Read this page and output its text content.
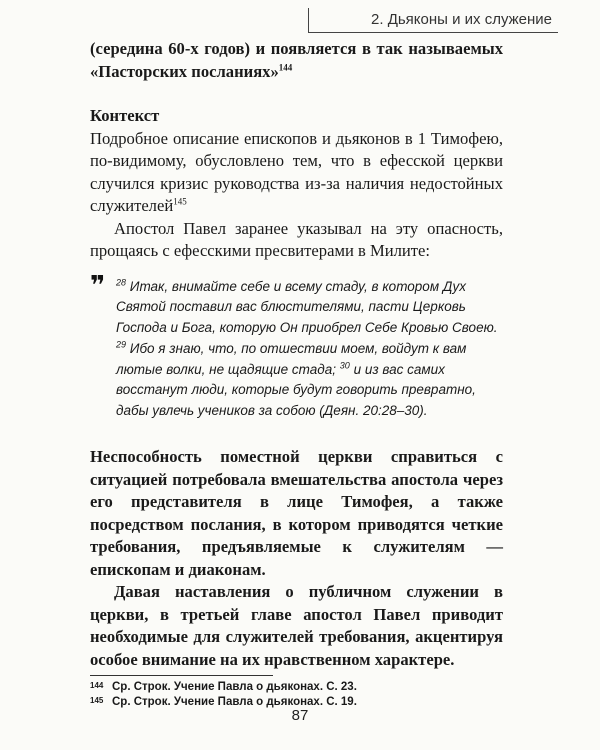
2. Дьяконы и их служение

(середина 60-х годов) и появляется в так называемых «Пасторских посланиях»$^{144}$

Контекст

Подробное описание епископов и дьяконов в 1 Тимофею, по-видимому, обусловлено тем, что в ефесской церкви случился кризис руководства из-за наличия недостойных служителей$^{145}$

Апостол Павел заранее указывал на эту опасность, прощаясь с ефесскими пресвитерами в Милите:

❞ $^{28}$ Итак, внимайте себе и всему стаду, в котором Дух Святой поставил вас блюстителями, пасти Церковь Господа и Бога, которую Он приобрел Себе Кровью Своею. $^{29}$ Ибо я знаю, что, по отшествии моем, войдут к вам лютые волки, не щадящие стада; $^{30}$ и из вас самих восстанут люди, которые будут говорить превратно, дабы увлечь учеников за собою (Деян. 20:28–30).

Неспособность поместной церкви справиться с ситуацией потребовала вмешательства апостола через его представителя в лице Тимофея, а также посредством послания, в котором приводятся четкие требования, предъявляемые к служителям — епископам и диаконам.

Давая наставления о публичном служении в церкви, в третьей главе апостол Павел приводит необходимые для служителей требования, акцентируя особое внимание на их нравственном характере.

144 Ср. Строк. Учение Павла о дьяконах. С. 23.
145 Ср. Строк. Учение Павла о дьяконах. С. 19.
87
